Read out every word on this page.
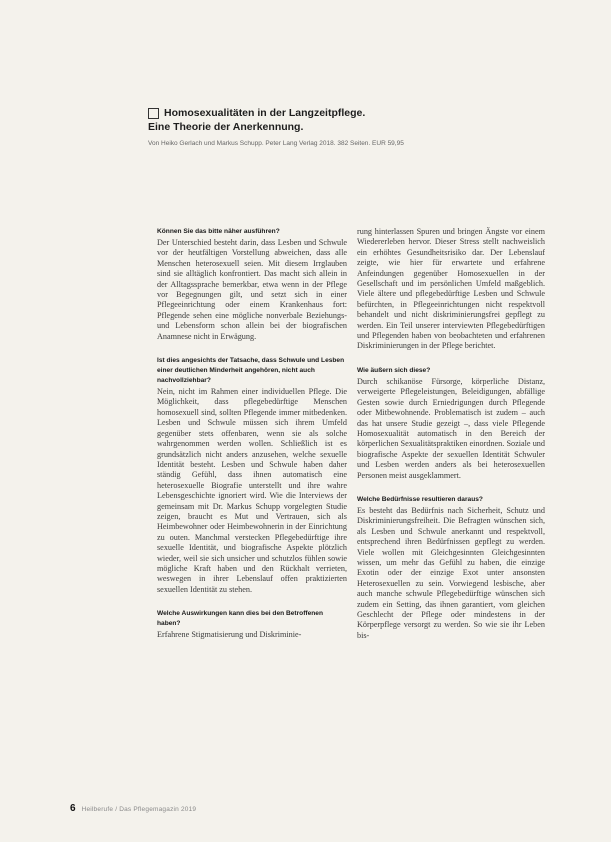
Homosexualitäten in der Langzeitpflege.
Eine Theorie der Anerkennung.
Von Heiko Gerlach und Markus Schupp. Peter Lang Verlag 2018. 382 Seiten. EUR 59,95
Können Sie das bitte näher ausführen?
Der Unterschied besteht darin, dass Lesben und Schwule vor der heutfältigen Vorstellung abweichen, dass alle Menschen heterosexuell seien. Mit diesem Irrglauben sind sie alltäglich konfrontiert. Das macht sich allein in der Alltagssprache bemerkbar, etwa wenn in der Pflege vor Begegnungen gilt, und setzt sich in einer Pflegeeinrichtung oder einem Krankenhaus fort: Pflegende sehen eine mögliche nonverbale Beziehungs- und Lebensform schon allein bei der biografischen Anamnese nicht in Erwägung.
Ist dies angesichts der Tatsache, dass Schwule und Lesben einer deutlichen Minderheit angehören, nicht auch nachvollziehbar?
Nein, nicht im Rahmen einer individuellen Pflege. Die Möglichkeit, dass pflegebedürftige Menschen homosexuell sind, sollten Pflegende immer mitbedenken. Lesben und Schwule müssen sich ihrem Umfeld gegenüber stets offenbaren, wenn sie als solche wahrgenommen werden wollen. Schließlich ist es grundsätzlich nicht anders anzusehen, welche sexuelle Identität besteht. Lesben und Schwule haben daher ständig Gefühl, dass ihnen automatisch eine heterosexuelle Biografie unterstellt und ihre wahre Lebensgeschichte ignoriert wird. Wie die Interviews der gemeinsam mit Dr. Markus Schupp vorgelegten Studie zeigen, braucht es Mut und Vertrauen, sich als Heimbewohner oder Heimbewohnerin in der Einrichtung zu outen. Manchmal verstecken Pflegebedürftige ihre sexuelle Identität, und biografische Aspekte plötzlich wieder, weil sie sich unsicher und schutzlos fühlen sowie mögliche Kraft haben und den Rückhalt verrieten, weswegen in ihrer Lebenslauf offen praktizierten sexuellen Identität zu stehen.
Welche Auswirkungen kann dies bei den Betroffenen haben?
Erfahrene Stigmatisierung und Diskriminie-
rung hinterlassen Spuren und bringen Ängste vor einem Wiedererleben hervor. Dieser Stress stellt nachweislich ein erhöhtes Gesundheitsrisiko dar. Der Lebenslauf zeigte, wie hier für erwartete und erfahrene Anfeindungen gegenüber Homosexuellen in der Gesellschaft und im persönlichen Umfeld maßgeblich. Viele ältere und pflegebedürftige Lesben und Schwule befürchten, in Pflegeeinrichtungen nicht respektvoll behandelt und nicht diskriminierungsfrei gepflegt zu werden. Ein Teil unserer interviewten Pflegebedürftigen und Pflegenden haben von beobachteten und erfahrenen Diskriminierungen in der Pflege berichtet.
Wie äußern sich diese?
Durch schikanöse Fürsorge, körperliche Distanz, verweigerte Pflegeleistungen, Beleidigungen, abfällige Gesten sowie durch Erniedrigungen durch Pflegende oder Mitbewohnende. Problematisch ist zudem – auch das hat unsere Studie gezeigt –, dass viele Pflegende Homosexualität automatisch in den Bereich der körperlichen Sexualitätspraktiken einordnen. Soziale und biografische Aspekte der sexuellen Identität Schwuler und Lesben werden anders als bei heterosexuellen Personen meist ausgeklammert.
Welche Bedürfnisse resultieren daraus?
Es besteht das Bedürfnis nach Sicherheit, Schutz und Diskriminierungsfreiheit. Die Befragten wünschen sich, als Lesben und Schwule anerkannt und respektvoll, entsprechend ihren Bedürfnissen gepflegt zu werden. Viele wollen mit Gleichgesinnten Gleichgesinnten wissen, um mehr das Gefühl zu haben, die einzige Exotin oder der einzige Exot unter ansonsten Heterosexuellen zu sein. Vorwiegend lesbische, aber auch manche schwule Pflegebedürftige wünschen sich zudem ein Setting, das ihnen garantiert, vom gleichen Geschlecht der Pflege oder mindestens in der Körperpflege versorgt zu werden. So wie sie ihr Leben bis-
6 Heilberufe / Das Pflegemagazin 2019
